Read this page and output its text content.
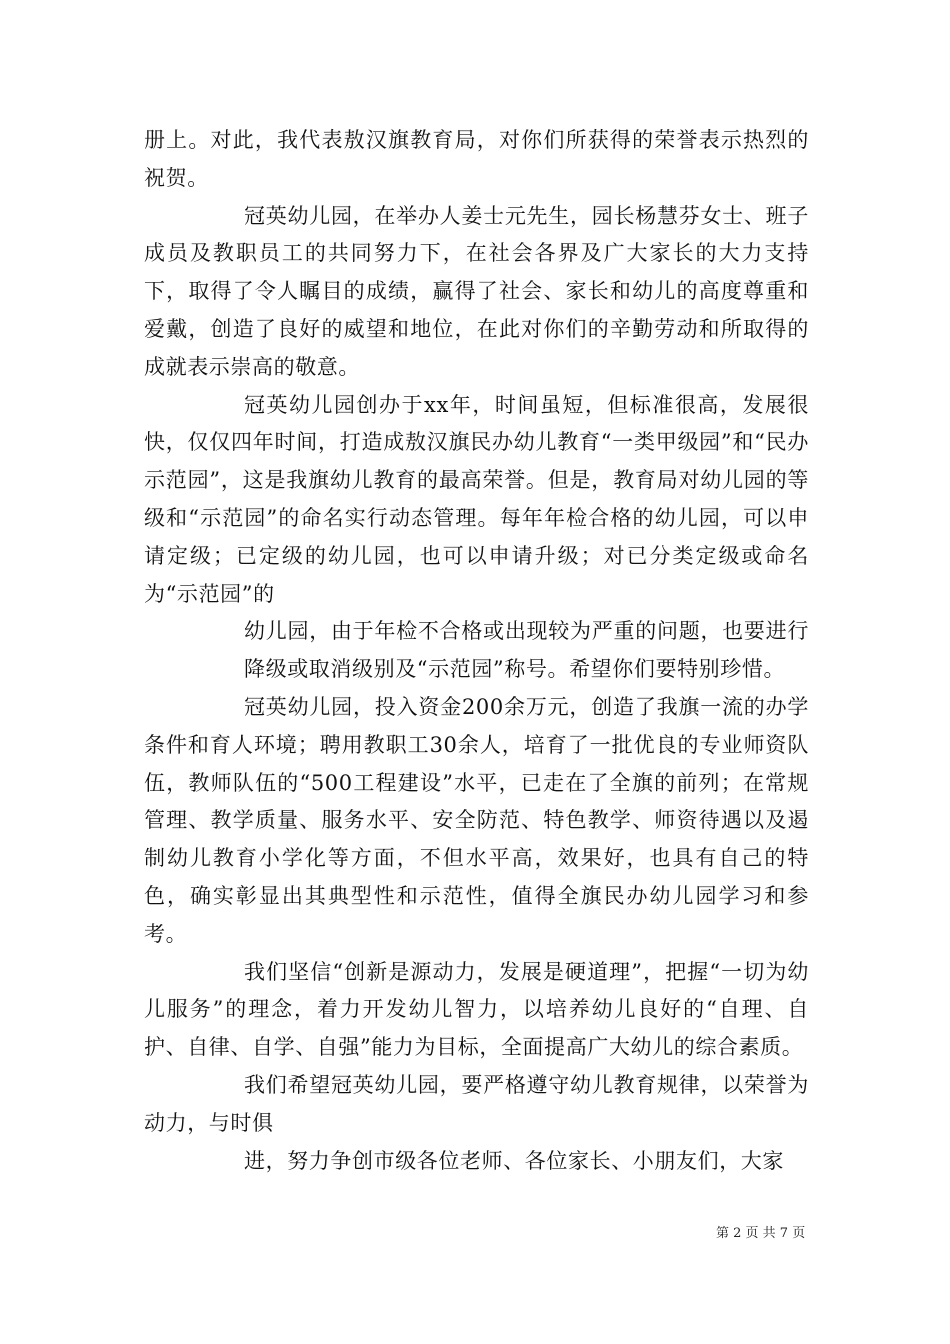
册上。对此，我代表敖汉旗教育局，对你们所获得的荣誉表示热烈的祝贺。

冠英幼儿园，在举办人姜士元先生，园长杨慧芬女士、班子成员及教职员工的共同努力下，在社会各界及广大家长的大力支持下，取得了令人瞩目的成绩，赢得了社会、家长和幼儿的高度尊重和爱戴，创造了良好的威望和地位，在此对你们的辛勤劳动和所取得的成就表示崇高的敬意。

冠英幼儿园创办于xx年，时间虽短，但标准很高，发展很快，仅仅四年时间，打造成敖汉旗民办幼儿教育“一类甲级园”和“民办示范园”，这是我旗幼儿教育的最高荣誉。但是，教育局对幼儿园的等级和“示范园”的命名实行动态管理。每年年检合格的幼儿园，可以申请定级；已定级的幼儿园，也可以申请升级；对已分类定级或命名为“示范园”的

幼儿园，由于年检不合格或出现较为严重的问题，也要进行降级或取消级别及“示范园”称号。希望你们要特别珍惜。

冠英幼儿园，投入资金200余万元，创造了我旗一流的办学条件和育人环境；聘用教职工30余人，培育了一批优良的专业师资队伍，教师队伍的“500工程建设”水平，已走在了全旗的前列；在常规管理、教学质量、服务水平、安全防范、特色教学、师资待遇以及遏制幼儿教育小学化等方面，不但水平高，效果好，也具有自己的特色，确实彰显出其典型性和示范性，值得全旗民办幼儿园学习和参考。

我们坚信“创新是源动力，发展是硬道理”，把握“一切为幼儿服务”的理念，着力开发幼儿智力，以培养幼儿良好的“自理、自护、自律、自学、自强”能力为目标，全面提高广大幼儿的综合素质。

我们希望冠英幼儿园，要严格遵守幼儿教育规律，以荣誉为动力，与时俱

进，努力争创市级各位老师、各位家长、小朋友们，大家

第 2 页 共 7 页
